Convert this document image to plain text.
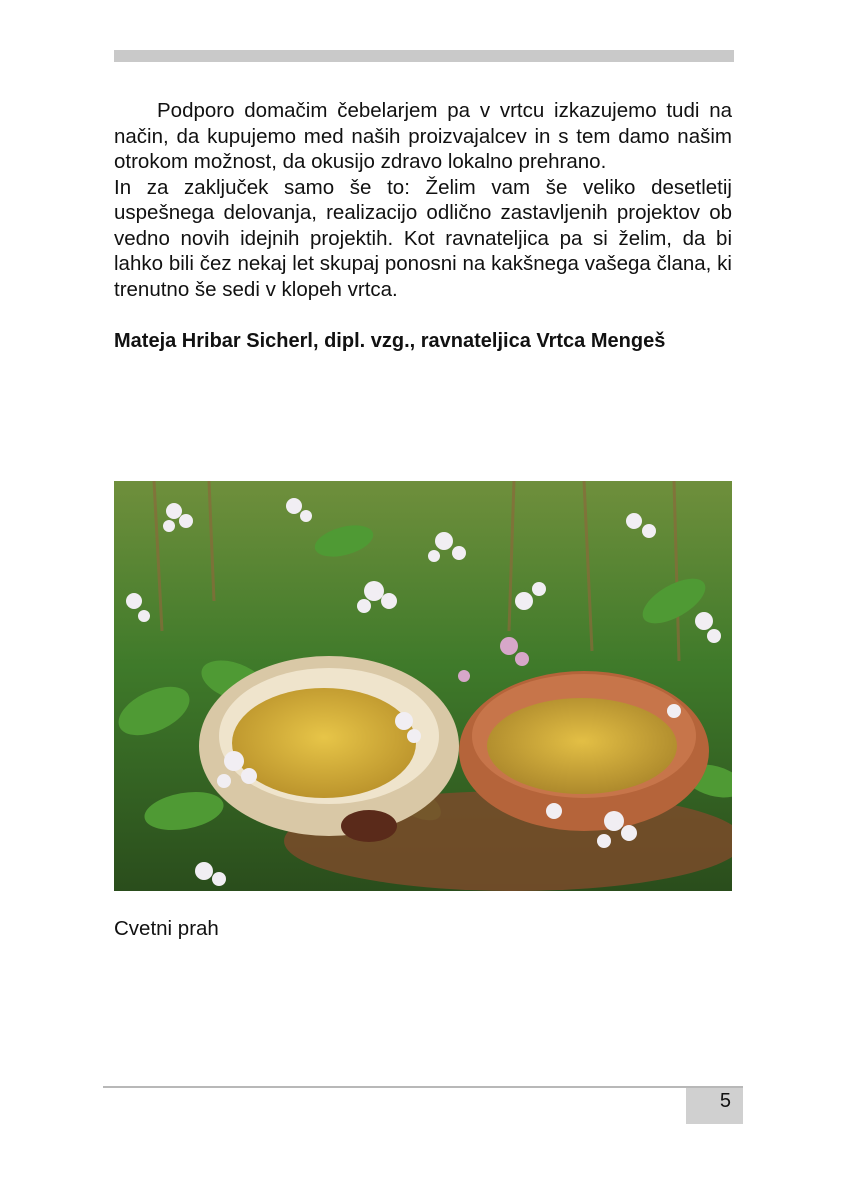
Podporo domačim čebelarjem pa v vrtcu izkazujemo tudi na način, da kupujemo med naših proizvajalcev in s tem damo našim otrokom možnost, da okusijo zdravo lokalno prehrano.

In za zaključek samo še to: Želim vam še veliko desetletij uspešnega delovanja, realizacijo odlično zastavljenih projektov ob vedno novih idejnih projektih. Kot ravnateljica pa si želim, da bi lahko bili čez nekaj let skupaj ponosni na kakšnega vašega člana, ki trenutno še sedi v klopeh vrtca.

Mateja Hribar Sicherl, dipl. vzg., ravnateljica Vrtca Mengeš

Cvetni prah

5
